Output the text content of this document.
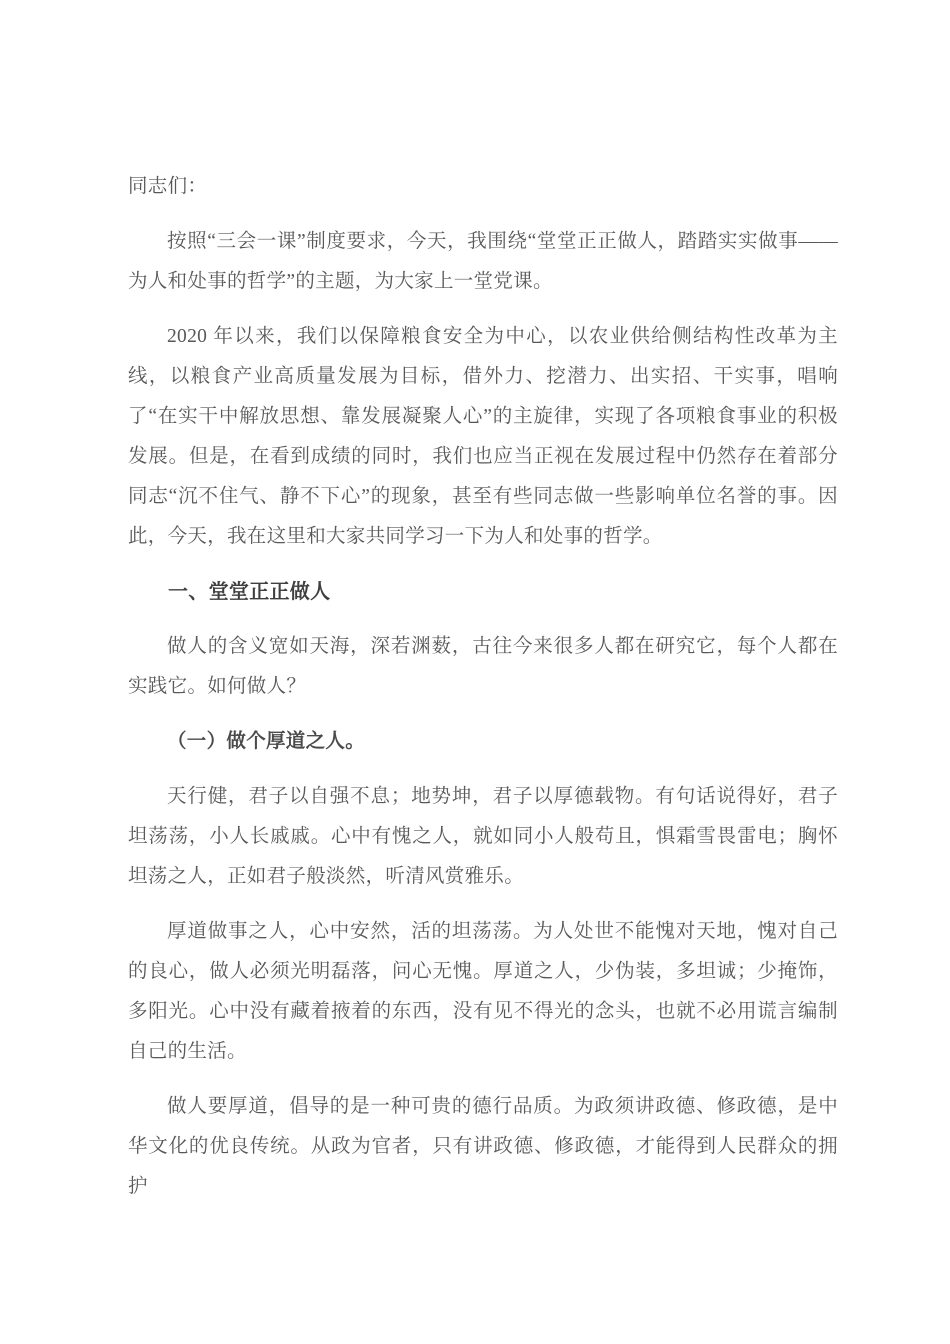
同志们：

按照“三会一课”制度要求，今天，我围绕“堂堂正正做人，踏踏实实做事——为人和处事的哲学”的主题，为大家上一堂党课。

2020 年以来，我们以保障粮食安全为中心，以农业供给侧结构性改革为主线，以粮食产业高质量发展为目标，借外力、挖潜力、出实招、干实事，唱响了“在实干中解放思想、靠发展凝聚人心”的主旋律，实现了各项粮食事业的积极发展。但是，在看到成绩的同时，我们也应当正视在发展过程中仍然存在着部分同志“沉不住气、静不下心”的现象，甚至有些同志做一些影响单位名誉的事。因此，今天，我在这里和大家共同学习一下为人和处事的哲学。

一、堂堂正正做人

做人的含义宽如天海，深若渊薮，古往今来很多人都在研究它，每个人都在实践它。如何做人？

（一）做个厚道之人。

天行健，君子以自强不息；地势坤，君子以厚德载物。有句话说得好，君子坦荡荡，小人长戚戚。心中有愧之人，就如同小人般苟且，惧霜雪畏雷电；胸怀坦荡之人，正如君子般淡然，听清风赏雅乐。

厚道做事之人，心中安然，活的坦荡荡。为人处世不能愧对天地，愧对自己的良心，做人必须光明磊落，问心无愧。厚道之人，少伪装，多坦诚；少掩饰，多阳光。心中没有藏着掖着的东西，没有见不得光的念头，也就不必用谎言编制自己的生活。

做人要厚道，倡导的是一种可贵的德行品质。为政须讲政德、修政德，是中华文化的优良传统。从政为官者，只有讲政德、修政德，才能得到人民群众的拥护
